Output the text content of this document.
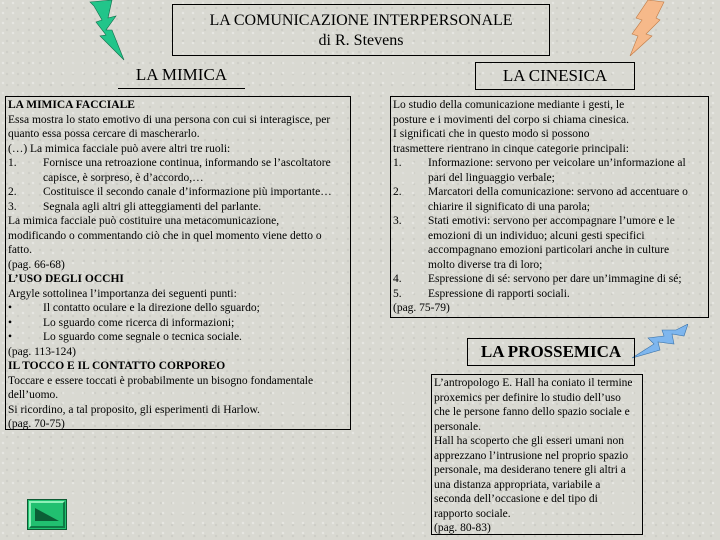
LA COMUNICAZIONE INTERPERSONALE
di R. Stevens
LA MIMICA	LA CINESICA
LA PROSSEMICA
LA MIMICA FACCIALE
Essa mostra lo stato emotivo di una persona con cui si interagisce, per
quanto essa possa cercare di mascherarlo.
(…) La mimica facciale può avere altri tre ruoli:
1. Fornisce una retroazione continua, informando se l’ascoltatore
capisce, è sorpreso, è d’accordo,…
2. Costituisce il secondo canale d’informazione più importante…
3. Segnala agli altri gli atteggiamenti del parlante.
La mimica facciale può costituire una metacomunicazione,
modificando o commentando ciò che in quel momento viene detto o
fatto.
(pag. 66-68)
L’USO DEGLI OCCHI
Argyle sottolinea l’importanza dei seguenti punti:
•	Il contatto oculare e la direzione dello sguardo;
•	Lo sguardo come ricerca di informazioni;
•	Lo sguardo come segnale o tecnica sociale.
(pag. 113-124)
IL TOCCO E IL CONTATTO CORPOREO
Toccare e essere toccati è probabilmente un bisogno fondamentale
dell’uomo.
Si ricordino, a tal proposito, gli esperimenti di Harlow.
(pag. 70-75)
Lo studio della comunicazione mediante i gesti, le
posture e i movimenti del corpo si chiama cinesica.
I significati che in questo modo si possono
trasmettere rientrano in cinque categorie principali:
1. Informazione: servono per veicolare un’informazione al
pari del linguaggio verbale;
2. Marcatori della comunicazione: servono ad accentuare o
chiarire il significato di una parola;
3. Stati emotivi: servono per accompagnare l’umore e le
emozioni di un individuo; alcuni gesti specifici
accompagnano emozioni particolari anche in culture
molto diverse tra di loro;
4. Espressione di sé: servono per dare un’immagine di sé;
5. Espressione di rapporti sociali.
(pag. 75-79)
L’antropologo E. Hall ha coniato il termine
proxemics per definire lo studio dell’uso
che le persone fanno dello spazio sociale e
personale.
Hall ha scoperto che gli esseri umani non
apprezzano l’intrusione nel proprio spazio
personale, ma desiderano tenere gli altri a
una distanza appropriata, variabile a
seconda dell’occasione e del tipo di
rapporto sociale.
(pag. 80-83)
